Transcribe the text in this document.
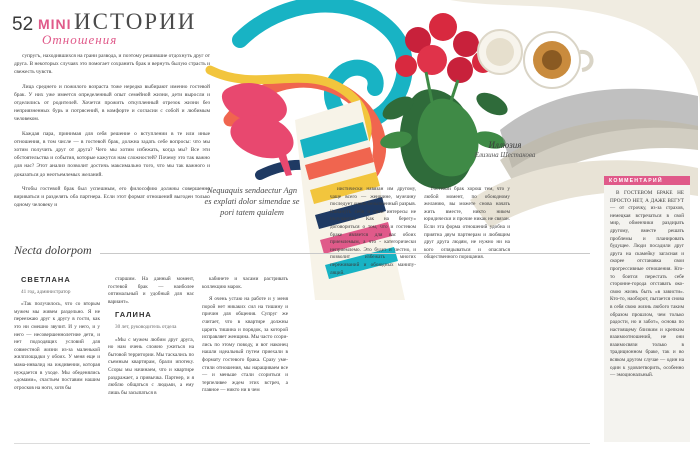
52 MINI ИСТОРИИ
Отношения

супругъ, находившихся на грани развода, и поэтому решившие отдохнуть друг от друга. В некоторых случаях это помогает сохранить брак и вернуть былую страсть и свежесть чувств.

Лица среднего и пожилого возраста тоже нередко выбирают именно гостевой брак. У них уже имеется определенный опыт семейной жизни, дети выросли и отделились от родителей. Хочется прожить откупленный отрезок жизни без неприязненных бурь и потрясений, в комфорте и согласии с собой и любимым человеком.

Каждая пара, принимая для себя решение о вступлении в те или иные отношения, в том числе — в гостевой брак, должна задать себе вопросы: что мы хотим получить друг от друга? Чего мы хотим избежать, когда мы? Все эти обстоятельства и события, которые кажутся нам сложностей? Почему это так важно для нас? Этот анализ позволит достичь максимально того, что мы так важного и доказаться до неотъемлемых желаний.

Чтобы гостевой брак был успешным, его философию должны совершенно вириваться и разделять оба партнера. Если этот формат отношений выгоден только одному человеку и

Nequaquis sendaectur Agn es explati dolor simendae se pori tatem quialem
Иллюзия
Елизина Шестакова

иистически навязан им другому, чаще всего — женщине, мужчину последует очень-безызменный разрыв. Кинануть себя и свои интересы не получается. Как на берегу» договориться о том, что и гостевом браке является для вас обоих приемлемым, а что - категорически неприемлемо. Это будет и честно, и позволит избежать многих переживаний и обоюдных манипуляций.

Гостевой брак хорош тем, что у любой момент, по обоюдному желанию, вы можете снова начать жить вместе, никто никем юридически и прочие никак не связан. Если эта форма отношений удобна и приятна двум партнерам и любящим друг друга людям, не нужно ни на кого оглядываться и опасаться общественного порицания.

В ГОСТЕВОМ БРАКЕ НЕ ПРОСТО НЕТ, А ДАЖЕ ВЕГУТ — от строчку, из-за страхов, немецкая встречаться в свой мир, обменчики раздирать другому, вместе решать проблемы и планировать будущее. Люди посадили друг друга на скамейку загасная и скорее отстанавка свои прогрессивные отношения. Кто-то боится перестать себе сторонне-города отставать окосвою жизнь быть «в зависти». Кто-то, наоборот, пытается снова в себя свою жизнь любого таким образом прошлом, чем только радости, но и забот», основа по настоящему близким и крепким взаимоотношений, не они взаимосвязи только в традиционном браке, так и во всяком другом случае — один на один к удовлетворить, особенно — эмоциональный.

КОММЕНТАРИЙ
Necta dolorpom

СВЕТЛАНА

41 год, администратор

«Так получилось, что со вторым мужем мы живем раздельно. Я не переезжаю друг к другу в гости, как это ни смешно звучит. И у него, и у него — несовершеннолетние дети, и нет подходящих условий для совместной жизни из-за маленькой жилплощадки у обоих. У меня еще и мама-инвалид на иждивении, которая нуждается в уходе. Мы обеденялись «домами», счастьем поставим нашим отросков на ноги, хотя бы

старшим. На данный момент, гостевой брак — наиболее оптимальный и удобный для нас вариант».

ГАЛИНА

30 лет, руководитель отдела

«Мы с мужем любим друг друга, но нам очень сложно ужиться на бытовой территории. Мы таскались по съемным квартирам, брали ипотеку. Ссоры мы начинаем, что и квартире раздражает, а привычка. Партнер, и я люблю общаться с людьми, а ему лишь бы засыпаться в

кабинете и часами растривать коллекцию марок.

Я очень устаю на работе и у меня порой нет никаких сил на тишину и причин для общения. Супруг же считает, что в квартире должны царить тишина и порядок, за которой исправляет женщина. Мы часто ссорились по этому поводу, и вот наконец нашли идеальный путем приехали в формату гостевого брака. Сразу уместили отношения, мы наращиваем все — и меньше стали ссориться и терпеливее ждем этих встреч, а главное — никто ни в чем
